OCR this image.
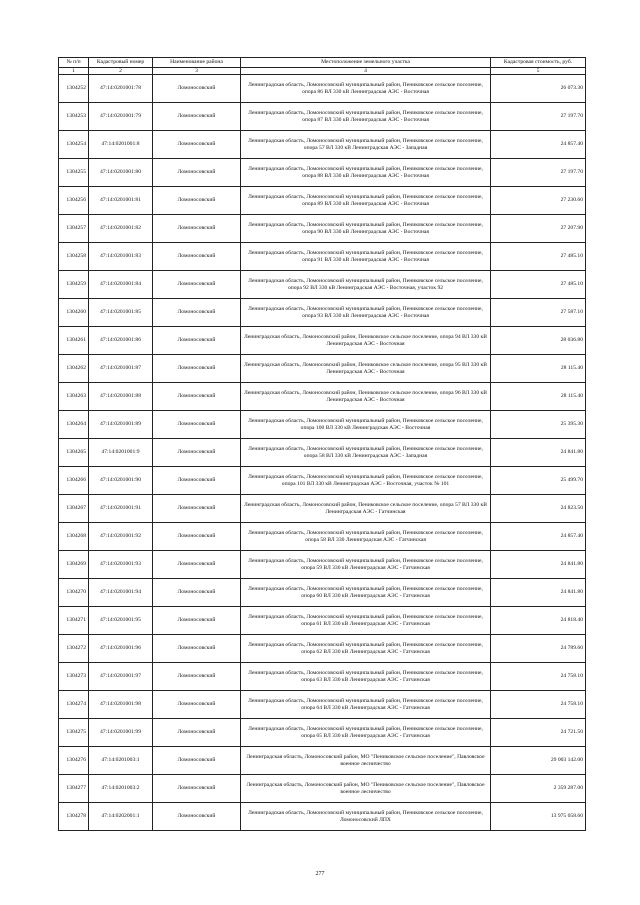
№ п/п	Кадастровый номер	Наименование района	Местоположение земельного участка	Кадастровая стоимость, руб.
1	2	3	4	5
1304252	47:14:0201001:78	Ломоносовский	Ленинградская область, Ломоносовский муниципальный район, Пениковское сельское поселение, опора 86 ВЛ 330 кВ Ленинградская АЭС - Восточная	26 073.30
1304253	47:14:0201001:79	Ломоносовский	Ленинградская область, Ломоносовский муниципальный район, Пениковское сельское поселение, опора 87 ВЛ 330 кВ Ленинградская АЭС - Восточная	27 197.70
1304254	47:14:0201001:8	Ломоносовский	Ленинградская область, Ломоносовский муниципальный район, Пениковское сельское поселение, опора 57 ВЛ 330 кВ Ленинградская АЭС - Западная	24 857.40
1304255	47:14:0201001:80	Ломоносовский	Ленинградская область, Ломоносовский муниципальный район, Пениковское сельское поселение, опора 88 ВЛ 330 кВ Ленинградская АЭС - Восточная	27 197.70
1304256	47:14:0201001:81	Ломоносовский	Ленинградская область, Ломоносовский муниципальный район, Пениковское сельское поселение, опора 89 ВЛ 330 кВ Ленинградская АЭС - Восточная	27 230.60
1304257	47:14:0201001:82	Ломоносовский	Ленинградская область, Ломоносовский муниципальный район, Пениковское сельское поселение, опора 90 ВЛ 330 кВ Ленинградская АЭС - Восточная	27 207.90
1304258	47:14:0201001:83	Ломоносовский	Ленинградская область, Ломоносовский муниципальный район, Пениковское сельское поселение, опора 91 ВЛ 330 кВ Ленинградская АЭС - Восточная	27 485.10
1304259	47:14:0201001:84	Ломоносовский	Ленинградская область, Ломоносовский муниципальный район, Пениковское сельское поселение, опора 92 ВЛ 330 кВ Ленинградская АЭС - Восточная, участок 92	27 485.10
1304260	47:14:0201001:85	Ломоносовский	Ленинградская область, Ломоносовский муниципальный район, Пениковское сельское поселение, опора 93 ВЛ 330 кВ Ленинградская АЭС - Восточная	27 587.10
1304261	47:14:0201001:86	Ломоносовский	Ленинградская область, Ломоносовский район, Пениковское сельское поселение, опора 94 ВЛ 330 кВ Ленинградская АЭС - Восточная	28 036.80
1304262	47:14:0201001:87	Ломоносовский	Ленинградская область, Ломоносовский район, Пениковское сельское поселение, опора 95 ВЛ 330 кВ Ленинградская АЭС - Восточная	28 115.40
1304263	47:14:0201001:88	Ломоносовский	Ленинградская область, Ломоносовский район, Пениковское сельское поселение, опора 96 ВЛ 330 кВ Ленинградская АЭС - Восточная	28 115.40
1304264	47:14:0201001:89	Ломоносовский	Ленинградская область, Ломоносовский муниципальный район, Пениковское сельское поселение, опора 100 ВЛ 330 кВ Ленинградская АЭС - Восточная	25 395.30
1304265	47:14:0201001:9	Ломоносовский	Ленинградская область, Ломоносовский муниципальный район, Пениковское сельское поселение, опора 58 ВЛ 330 кВ Ленинградская АЭС - Западная	24 841.80
1304266	47:14:0201001:90	Ломоносовский	Ленинградская область, Ломоносовский муниципальный район, Пениковское сельское поселение, опора 101 ВЛ 330 кВ Ленинградская АЭС - Восточная, участок № 101	25 499.70
1304267	47:14:0201001:91	Ломоносовский	Ленинградская область, Ломоносовский район, Пениковское сельское поселение, опора 57 ВЛ 330 кВ Ленинградская АЭС - Гатчинская	24 823.50
1304268	47:14:0201001:92	Ломоносовский	Ленинградская область, Ломоносовский муниципальный район, Пениковское сельское поселение, опора 58 ВЛ 330 Ленинградская АЭС - Гатчинская	24 857.40
1304269	47:14:0201001:93	Ломоносовский	Ленинградская область, Ломоносовский муниципальный район, Пениковское сельское поселение, опора 59 ВЛ 330 кВ Ленинградская АЭС - Гатчинская	24 841.80
1304270	47:14:0201001:94	Ломоносовский	Ленинградская область, Ломоносовский муниципальный район, Пениковское сельское поселение, опора 60 ВЛ 330 кВ Ленинградская АЭС - Гатчинская	24 841.80
1304271	47:14:0201001:95	Ломоносовский	Ленинградская область, Ломоносовский муниципальный район, Пениковское сельское поселение, опора 61 ВЛ 330 кВ Ленинградская АЭС - Гатчинская	24 818.40
1304272	47:14:0201001:96	Ломоносовский	Ленинградская область, Ломоносовский муниципальный район, Пениковское сельское поселение, опора 62 ВЛ 330 кВ Ленинградская АЭС - Гатчинская	24 789.60
1304273	47:14:0201001:97	Ломоносовский	Ленинградская область, Ломоносовский муниципальный район, Пениковское сельское поселение, опора 63 ВЛ 330 кВ Ленинградская АЭС - Гатчинская	24 758.10
1304274	47:14:0201001:98	Ломоносовский	Ленинградская область, Ломоносовский муниципальный район, Пениковское сельское поселение, опора 64 ВЛ 330 кВ Ленинградская АЭС - Гатчинская	24 758.10
1304275	47:14:0201001:99	Ломоносовский	Ленинградская область, Ломоносовский муниципальный район, Пениковское сельское поселение, опора 65 ВЛ 330 кВ Ленинградская АЭС - Гатчинская	24 721.50
1304276	47:14:0201003:1	Ломоносовский	Ленинградская область, Ломоносовский район, МО "Пениковское сельское поселение", Павловское военное лесничество	29 003 142.00
1304277	47:14:0201003:2	Ломоносовский	Ленинградская область, Ломоносовский район, МО "Пениковское сельское поселение", Павловское военное лесничество	2 359 287.00
1304278	47:14:0202001:1	Ломоносовский	Ленинградская область, Ломоносовский муниципальный район, Пениковское сельское поселение, Ломоносовский ЛПХ	13 975 058.60
277
